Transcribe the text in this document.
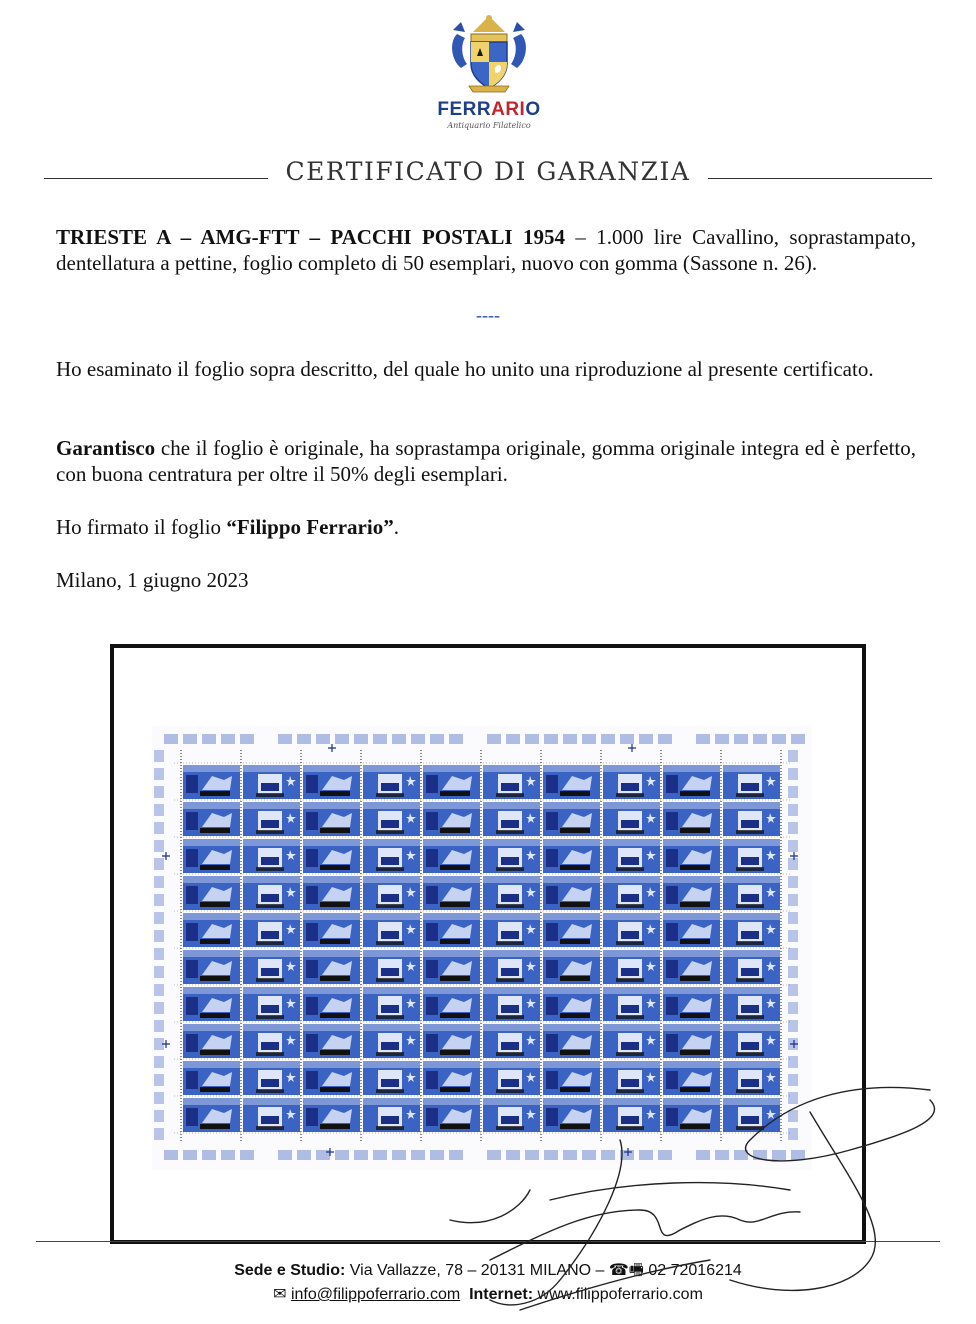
FERRARIO
Antiquario Filatelico
CERTIFICATO DI GARANZIA

TRIESTE A – AMG-FTT – PACCHI POSTALI 1954 – 1.000 lire Cavallino, soprastampato, dentellatura a pettine, foglio completo di 50 esemplari, nuovo con gomma (Sassone n. 26).

----

Ho esaminato il foglio sopra descritto, del quale ho unito una riproduzione al presente certificato.

Garantisco che il foglio è originale, ha soprastampa originale, gomma originale integra ed è perfetto, con buona centratura per oltre il 50% degli esemplari.

Ho firmato il foglio “Filippo Ferrario”.

Milano, 1 giugno 2023

Sede e Studio: Via Vallazze, 78 – 20131 MILANO – ☎🖷 02 72016214
✉ info@filippoferrario.com Internet: www.filippoferrario.com
